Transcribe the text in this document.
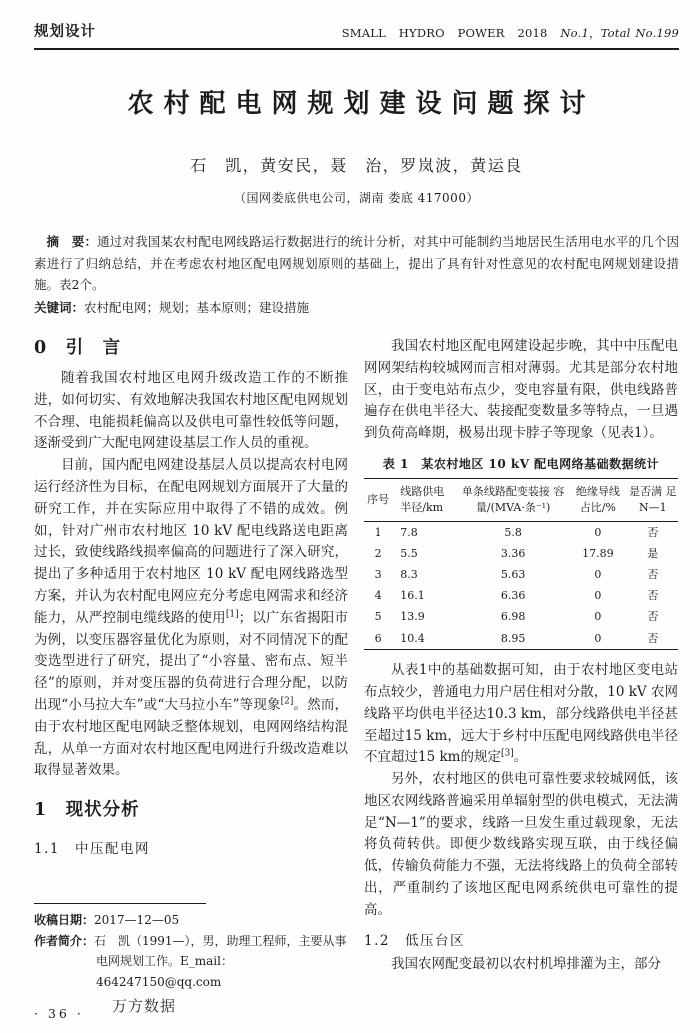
规划设计	SMALL HYDRO POWER 2018 No.1，Total No.199
农村配电网规划建设问题探讨
石　凯，黄安民，聂　治，罗岚波，黄运良
（国网娄底供电公司，湖南 娄底 417000）
摘　要：通过对我国某农村配电网线路运行数据进行的统计分析，对其中可能制约当地居民生活用电水平的几个因素进行了归纳总结，并在考虑农村地区配电网规划原则的基础上，提出了具有针对性意见的农村配电网规划建设措施。表2个。
关键词：农村配电网；规划；基本原则；建设措施
0　引　言

随着我国农村地区电网升级改造工作的不断推进，如何切实、有效地解决我国农村地区配电网规划不合理、电能损耗偏高以及供电可靠性较低等问题，逐渐受到广大配电网建设基层工作人员的重视。

目前，国内配电网建设基层人员以提高农村电网运行经济性为目标，在配电网规划方面展开了大量的研究工作，并在实际应用中取得了不错的成效。例如，针对广州市农村地区 10 kV 配电线路送电距离过长，致使线路线损率偏高的问题进行了深入研究，提出了多种适用于农村地区 10 kV 配电网线路选型方案，并认为农村配电网应充分考虑电网需求和经济能力，从严控制电缆线路的使用[1]；以广东省揭阳市为例，以变压器容量优化为原则，对不同情况下的配变选型进行了研究，提出了“小容量、密布点、短半径”的原则，并对变压器的负荷进行合理分配，以防出现“小马拉大车”或“大马拉小车”等现象[2]。然而，由于农村地区配电网缺乏整体规划，电网网络结构混乱，从单一方面对农村地区配电网进行升级改造难以取得显著效果。

1　现状分析
1.1　中压配电网
收稿日期：2017—12—05
作者简介：石　凯（1991—），男，助理工程师，主要从事
电网规划工作。E_mail：464247150@qq.com

我国农村地区配电网建设起步晚，其中中压配电网网架结构较城网而言相对薄弱。尤其是部分农村地区，由于变电站布点少，变电容量有限，供电线路普遍存在供电半径大、装接配变数量多等特点，一旦遇到负荷高峰期，极易出现卡脖子等现象（见表1）。

表 1　某农村地区 10 kV 配电网络基础数据统计
序号	线路供电 半径/km	单条线路配变装接 容量/(MVA·条⁻¹)	绝缘导线 占比/%	是否满 足 N—1
1	7.8	5.8	0	否
2	5.5	3.36	17.89	是
3	8.3	5.63	0	否
4	16.1	6.36	0	否
5	13.9	6.98	0	否
6	10.4	8.95	0	否

从表1中的基础数据可知，由于农村地区变电站布点较少，普通电力用户居住相对分散，10 kV 农网线路平均供电半径达10.3 km，部分线路供电半径甚至超过15 km，远大于乡村中压配电网线路供电半径不宜超过15 km的规定[3]。

另外，农村地区的供电可靠性要求较城网低，该地区农网线路普遍采用单辐射型的供电模式，无法满足“N—1”的要求，线路一旦发生重过载现象，无法将负荷转供。即便少数线路实现互联，由于线径偏低，传输负荷能力不强，无法将线路上的负荷全部转出，严重制约了该地区配电网系统供电可靠性的提高。

1.2　低压台区

我国农网配变最初以农村机埠排灌为主，部分

万方数据
· 36 ·
